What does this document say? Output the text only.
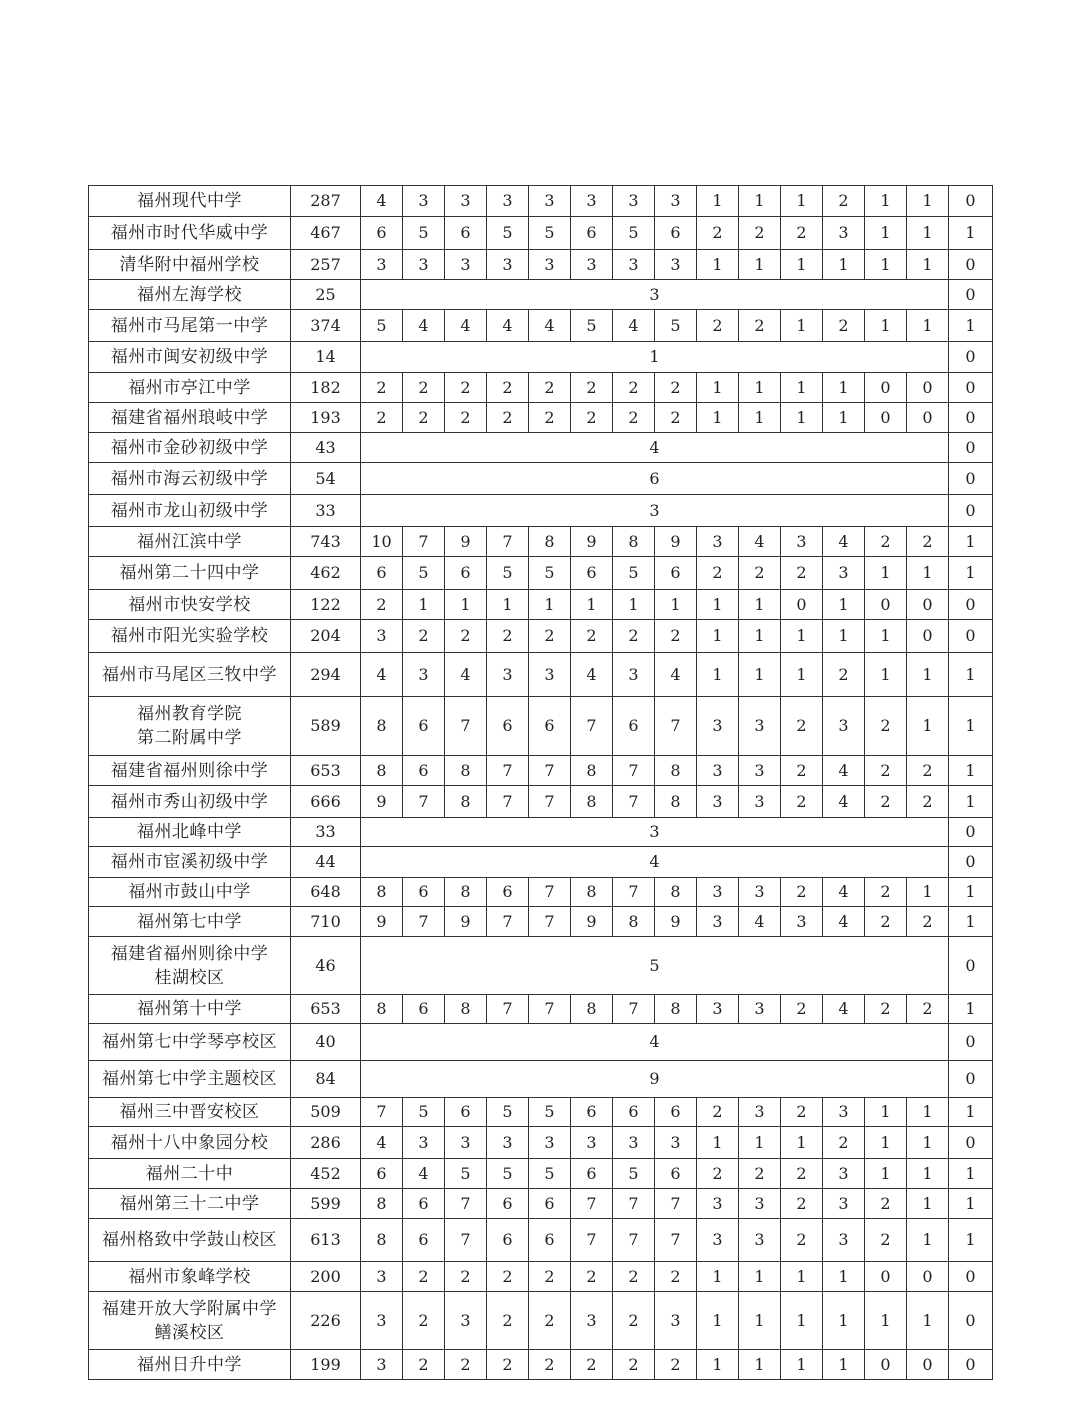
福州现代中学	287	4	3	3	3	3	3	3	3	1	1	1	2	1	1	0

福州市时代华威中学	467	6	5	6	5	5	6	5	6	2	2	2	3	1	1	1

清华附中福州学校	257	3	3	3	3	3	3	3	3	1	1	1	1	1	1	0

福州左海学校	25	3														0

福州市马尾第一中学	374	5	4	4	4	4	5	4	5	2	2	1	2	1	1	1

福州市闽安初级中学	14	1														0

福州市亭江中学	182	2	2	2	2	2	2	2	2	1	1	1	1	0	0	0

福建省福州琅岐中学	193	2	2	2	2	2	2	2	2	1	1	1	1	0	0	0

福州市金砂初级中学	43	4														0

福州市海云初级中学	54	6														0

福州市龙山初级中学	33	3														0

福州江滨中学	743	10	7	9	7	8	9	8	9	3	4	3	4	2	2	1

福州第二十四中学	462	6	5	6	5	5	6	5	6	2	2	2	3	1	1	1

福州市快安学校	122	2	1	1	1	1	1	1	1	1	1	0	1	0	0	0

福州市阳光实验学校	204	3	2	2	2	2	2	2	2	1	1	1	1	1	0	0

福州市马尾区三牧中学	294	4	3	4	3	3	4	3	4	1	1	1	2	1	1	1

福州教育学院
第二附属中学	589	8	6	7	6	6	7	6	7	3	3	2	3	2	1	1

福建省福州则徐中学	653	8	6	8	7	7	8	7	8	3	3	2	4	2	2	1

福州市秀山初级中学	666	9	7	8	7	7	8	7	8	3	3	2	4	2	2	1

福州北峰中学	33	3														0

福州市宦溪初级中学	44	4														0

福州市鼓山中学	648	8	6	8	6	7	8	7	8	3	3	2	4	2	1	1

福州第七中学	710	9	7	9	7	7	9	8	9	3	4	3	4	2	2	1

福建省福州则徐中学
桂湖校区	46	5														0

福州第十中学	653	8	6	8	7	7	8	7	8	3	3	2	4	2	2	1

福州第七中学琴亭校区	40	4														0

福州第七中学主题校区	84	9														0

福州三中晋安校区	509	7	5	6	5	5	6	6	6	2	3	2	3	1	1	1

福州十八中象园分校	286	4	3	3	3	3	3	3	3	1	1	1	2	1	1	0

福州二十中	452	6	4	5	5	5	6	5	6	2	2	2	3	1	1	1

福州第三十二中学	599	8	6	7	6	6	7	7	7	3	3	2	3	2	1	1

福州格致中学鼓山校区	613	8	6	7	6	6	7	7	7	3	3	2	3	2	1	1

福州市象峰学校	200	3	2	2	2	2	2	2	2	1	1	1	1	0	0	0

福建开放大学附属中学
鳝溪校区	226	3	2	3	2	2	3	2	3	1	1	1	1	1	1	0

福州日升中学	199	3	2	2	2	2	2	2	2	1	1	1	1	0	0	0
